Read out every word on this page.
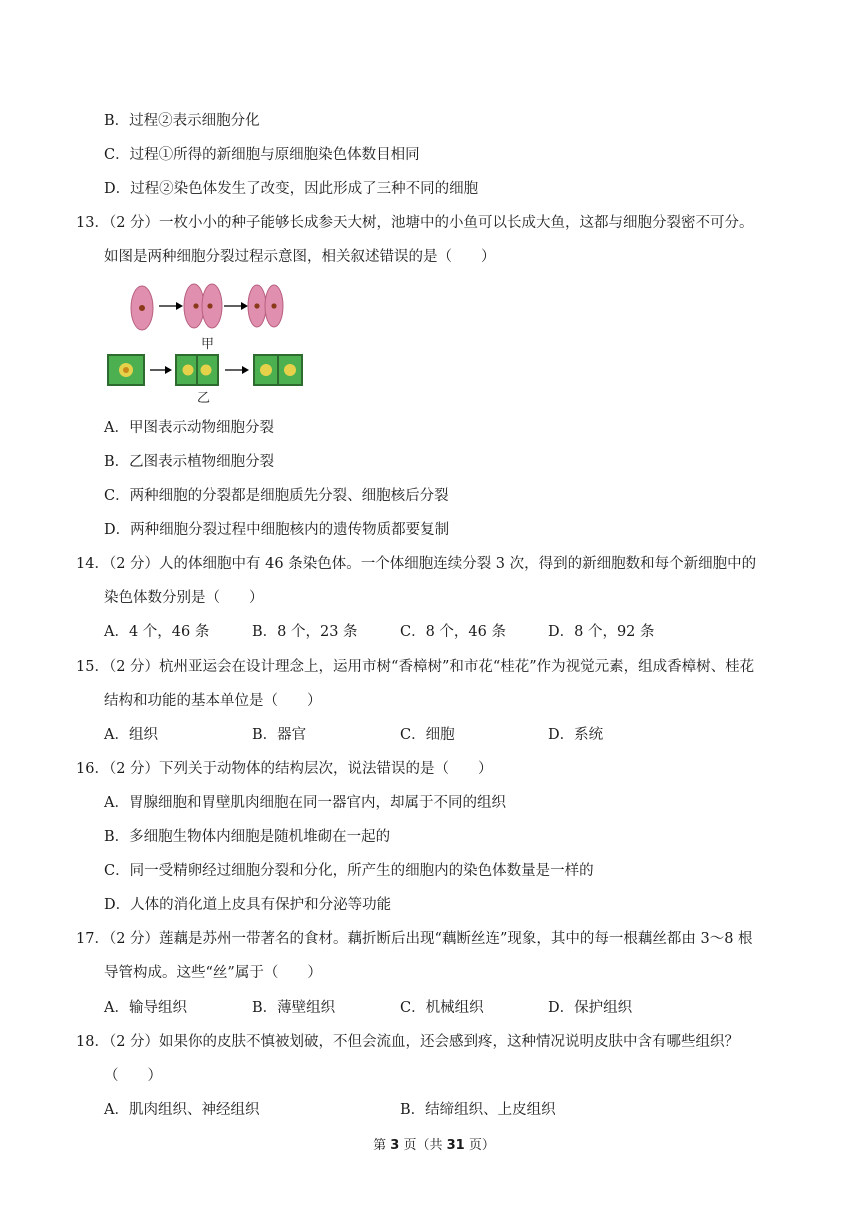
B．过程②表示细胞分化
C．过程①所得的新细胞与原细胞染色体数目相同
D．过程②染色体发生了改变，因此形成了三种不同的细胞
13．（2 分）一枚小小的种子能够长成参天大树，池塘中的小鱼可以长成大鱼，这都与细胞分裂密不可分。
如图是两种细胞分裂过程示意图，相关叙述错误的是（　　）
甲
乙
A．甲图表示动物细胞分裂
B．乙图表示植物细胞分裂
C．两种细胞的分裂都是细胞质先分裂、细胞核后分裂
D．两种细胞分裂过程中细胞核内的遗传物质都要复制
14．（2 分）人的体细胞中有 46 条染色体。一个体细胞连续分裂 3 次，得到的新细胞数和每个新细胞中的
染色体数分别是（　　）
A．4 个，46 条	B．8 个，23 条	C．8 个，46 条	D．8 个，92 条
15．（2 分）杭州亚运会在设计理念上，运用市树“香樟树”和市花“桂花”作为视觉元素，组成香樟树、桂花
结构和功能的基本单位是（　　）
A．组织	B．器官	C．细胞	D．系统
16．（2 分）下列关于动物体的结构层次，说法错误的是（　　）
A．胃腺细胞和胃壁肌肉细胞在同一器官内，却属于不同的组织
B．多细胞生物体内细胞是随机堆砌在一起的
C．同一受精卵经过细胞分裂和分化，所产生的细胞内的染色体数量是一样的
D．人体的消化道上皮具有保护和分泌等功能
17．（2 分）莲藕是苏州一带著名的食材。藕折断后出现“藕断丝连”现象，其中的每一根藕丝都由 3～8 根
导管构成。这些“丝”属于（　　）
A．输导组织	B．薄壁组织	C．机械组织	D．保护组织
18．（2 分）如果你的皮肤不慎被划破，不但会流血，还会感到疼，这种情况说明皮肤中含有哪些组织？
（　　）
A．肌肉组织、神经组织	B．结缔组织、上皮组织
第 3 页（共 31 页）
